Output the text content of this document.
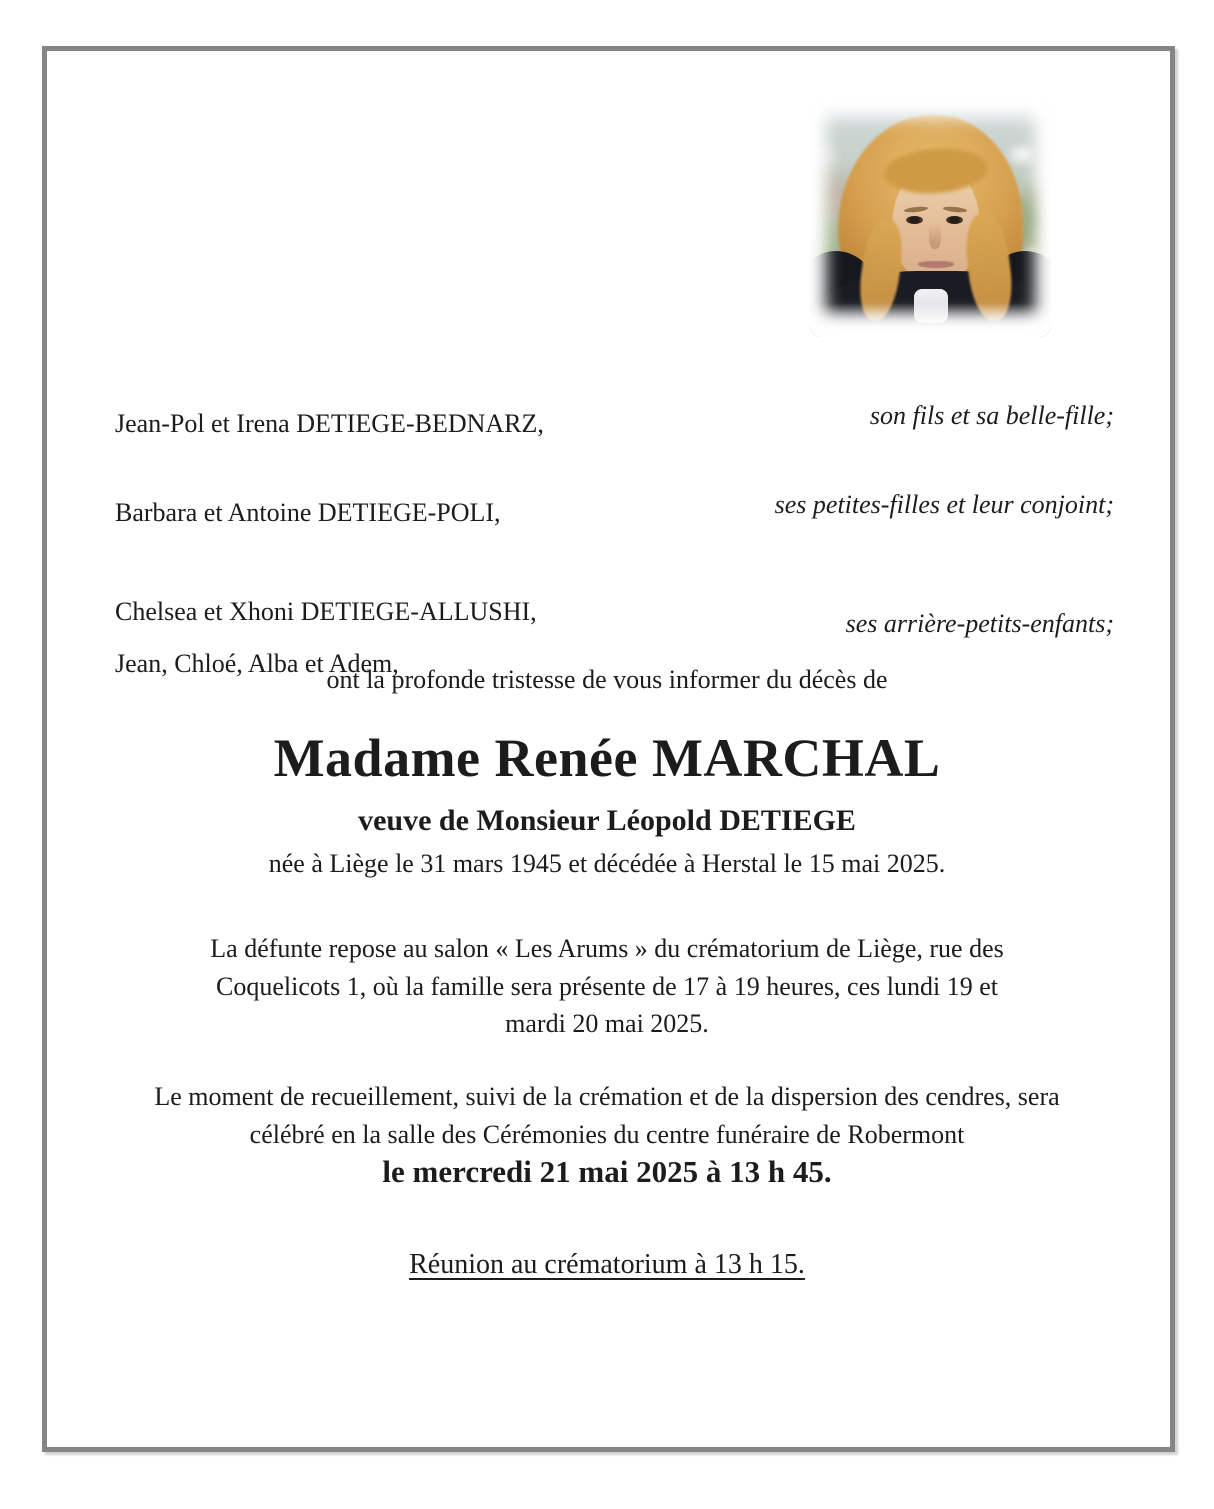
Jean-Pol et Irena DETIEGE-BEDNARZ,	son fils et sa belle-fille;

Barbara et Antoine DETIEGE-POLI,

Chelsea et Xhoni DETIEGE-ALLUSHI,

ses petites-filles et leur conjoint;

Jean, Chloé, Alba et Adem,

ses arrière-petits-enfants;
ont la profonde tristesse de vous informer du décès de
Madame Renée MARCHAL
veuve de Monsieur Léopold DETIEGE
née à Liège le 31 mars 1945 et décédée à Herstal le 15 mai 2025.
La défunte repose au salon « Les Arums » du crématorium de Liège, rue des
Coquelicots 1, où la famille sera présente de 17 à 19 heures, ces lundi 19 et
mardi 20 mai 2025.
Le moment de recueillement, suivi de la crémation et de la dispersion des cendres, sera
célébré en la salle des Cérémonies du centre funéraire de Robermont
le mercredi 21 mai 2025 à 13 h 45.
Réunion au crématorium à 13 h 15.
